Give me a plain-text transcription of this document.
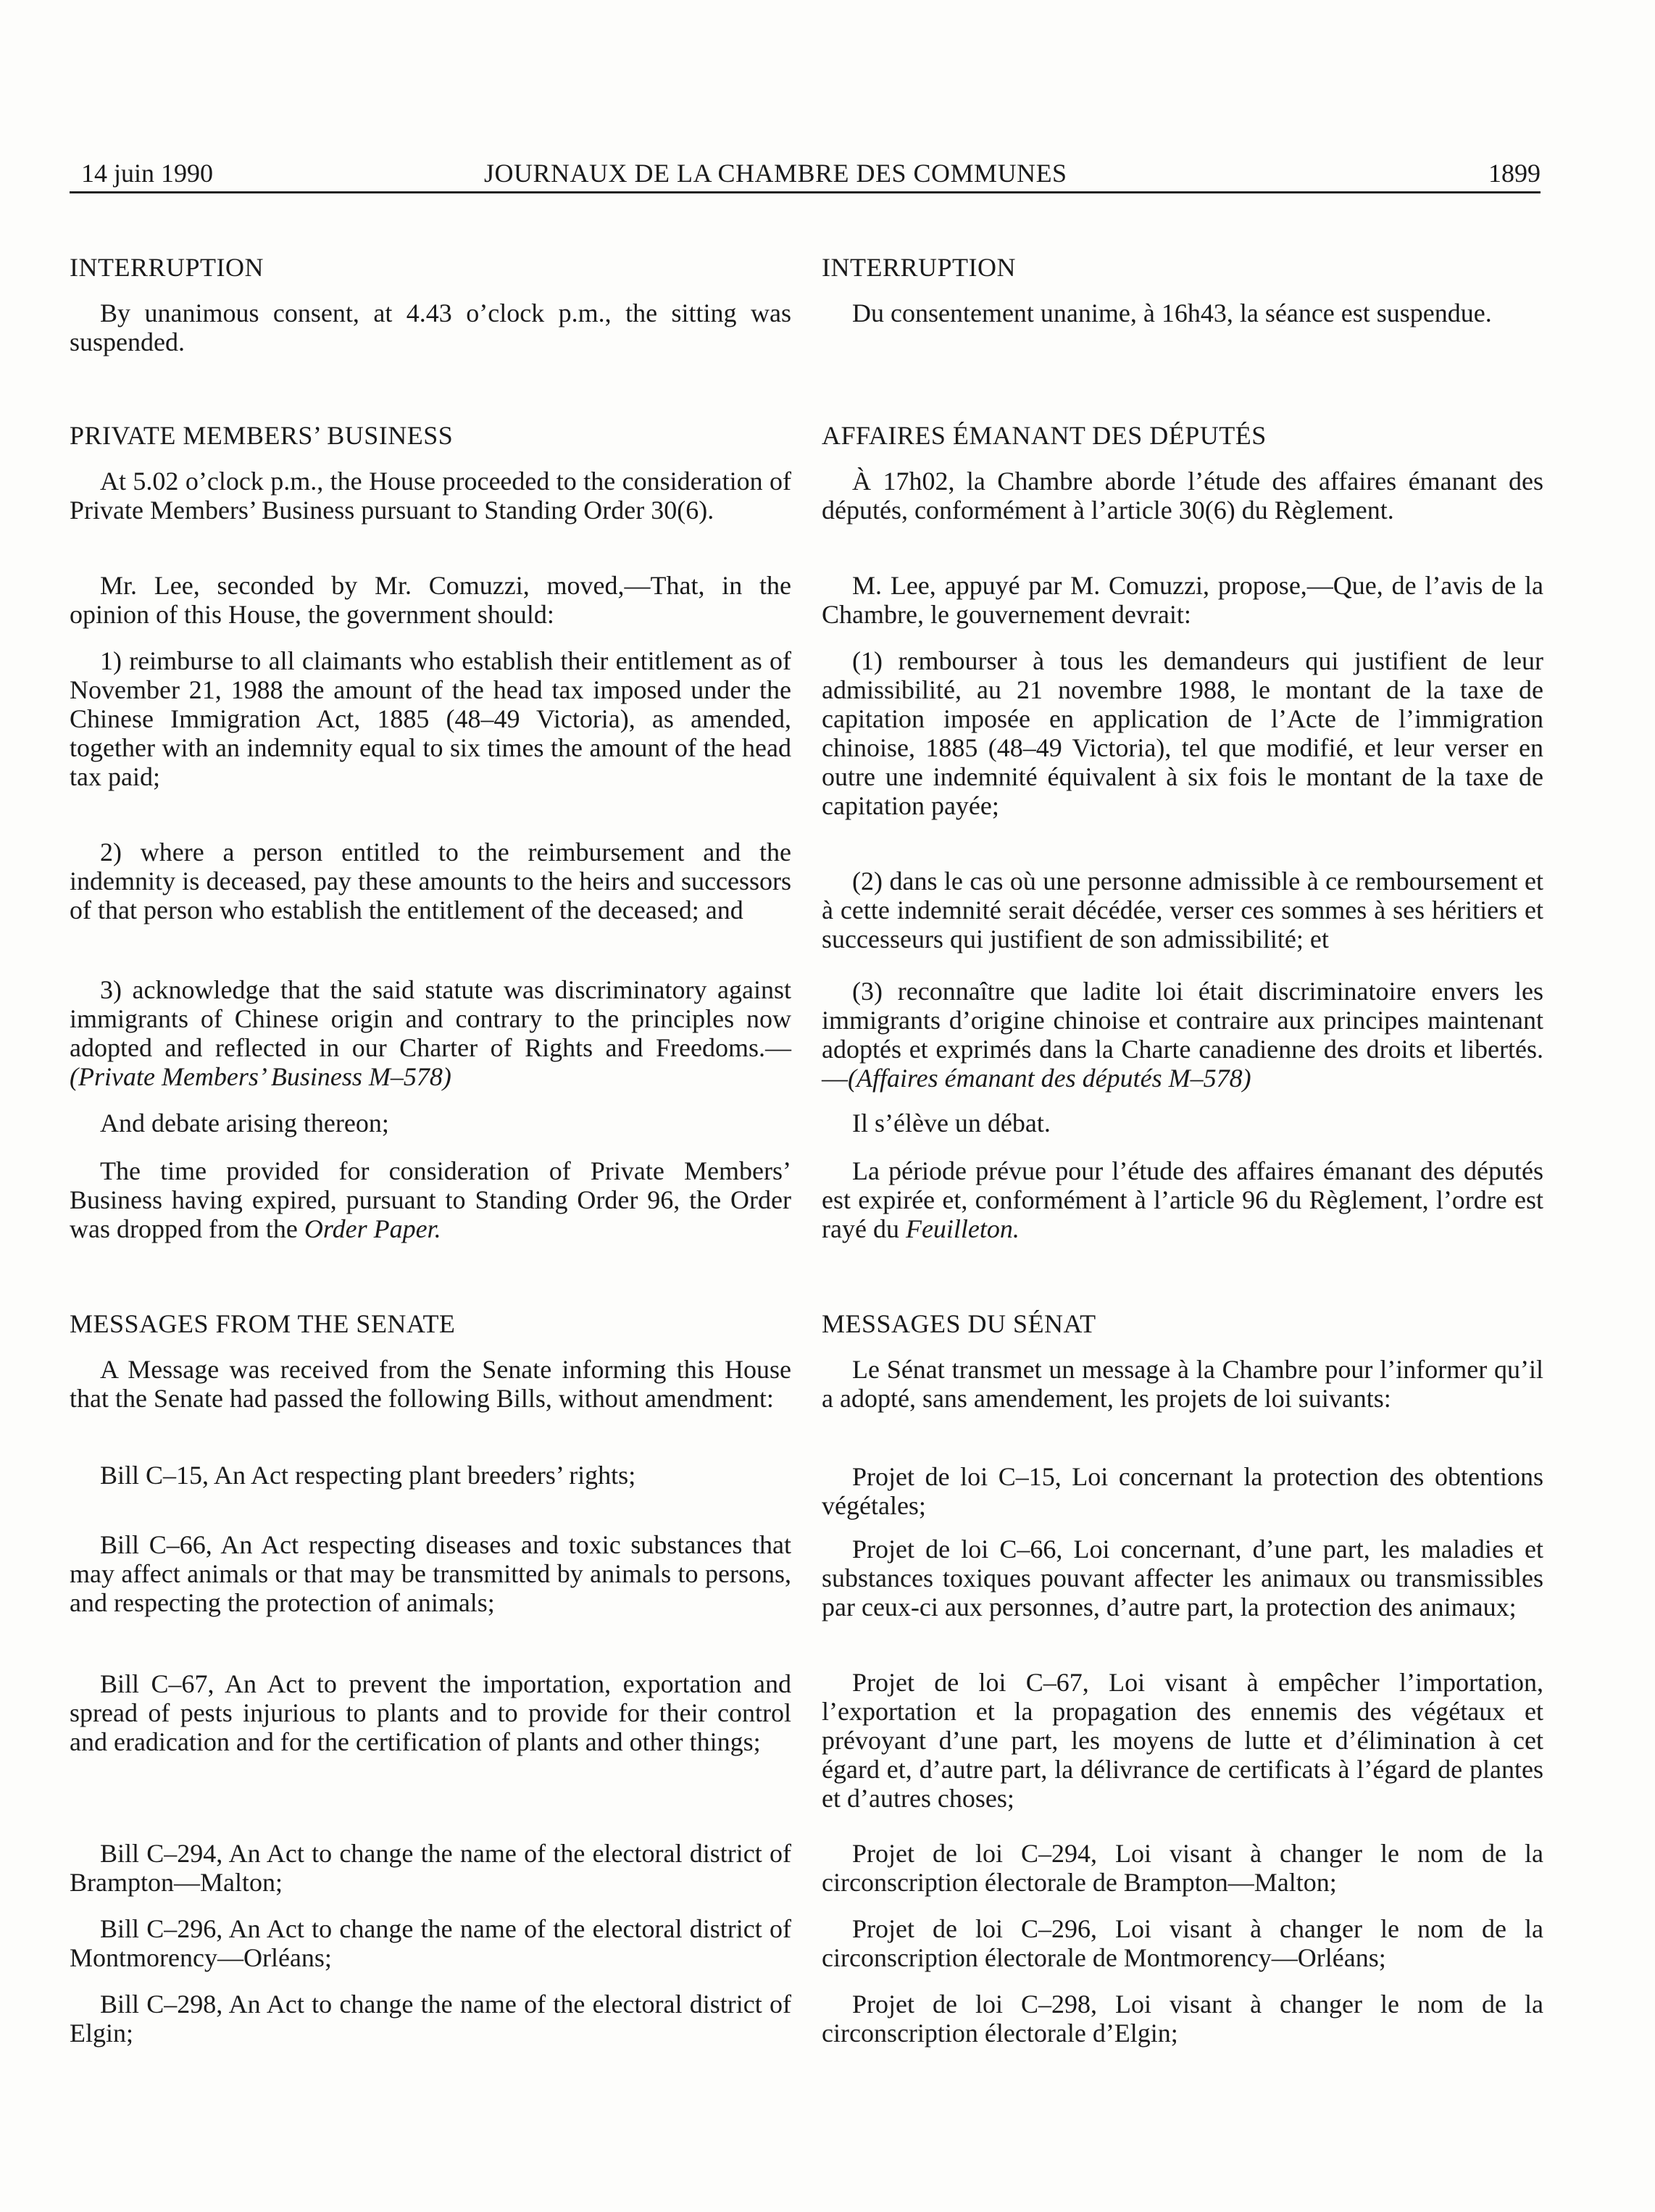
14 juin 1990	JOURNAUX DE LA CHAMBRE DES COMMUNES	1899
INTERRUPTION

By unanimous consent, at 4.43 o’clock p.m., the sitting was suspended.

PRIVATE MEMBERS’ BUSINESS

At 5.02 o’clock p.m., the House proceeded to the consideration of Private Members’ Business pursuant to Standing Order 30(6).

Mr. Lee, seconded by Mr. Comuzzi, moved,—That, in the opinion of this House, the government should:

1) reimburse to all claimants who establish their entitlement as of November 21, 1988 the amount of the head tax imposed under the Chinese Immigration Act, 1885 (48–49 Victoria), as amended, together with an indemnity equal to six times the amount of the head tax paid;

2) where a person entitled to the reimbursement and the indemnity is deceased, pay these amounts to the heirs and successors of that person who establish the entitlement of the deceased; and

3) acknowledge that the said statute was discriminatory against immigrants of Chinese origin and contrary to the principles now adopted and reflected in our Charter of Rights and Freedoms.—(Private Members’ Business M–578)

And debate arising thereon;

The time provided for consideration of Private Members’ Business having expired, pursuant to Standing Order 96, the Order was dropped from the Order Paper.

MESSAGES FROM THE SENATE

A Message was received from the Senate informing this House that the Senate had passed the following Bills, without amendment:

Bill C–15, An Act respecting plant breeders’ rights;

Bill C–66, An Act respecting diseases and toxic substances that may affect animals or that may be transmitted by animals to persons, and respecting the protection of animals;

Bill C–67, An Act to prevent the importation, exportation and spread of pests injurious to plants and to provide for their control and eradication and for the certification of plants and other things;

Bill C–294, An Act to change the name of the electoral district of Brampton—Malton;

Bill C–296, An Act to change the name of the electoral district of Montmorency—Orléans;

Bill C–298, An Act to change the name of the electoral district of Elgin;

INTERRUPTION

Du consentement unanime, à 16h43, la séance est suspendue.

AFFAIRES ÉMANANT DES DÉPUTÉS

À 17h02, la Chambre aborde l’étude des affaires émanant des députés, conformément à l’article 30(6) du Règlement.

M. Lee, appuyé par M. Comuzzi, propose,—Que, de l’avis de la Chambre, le gouvernement devrait:

(1) rembourser à tous les demandeurs qui justifient de leur admissibilité, au 21 novembre 1988, le montant de la taxe de capitation imposée en application de l’Acte de l’immigration chinoise, 1885 (48–49 Victoria), tel que modifié, et leur verser en outre une indemnité équivalent à six fois le montant de la taxe de capitation payée;

(2) dans le cas où une personne admissible à ce remboursement et à cette indemnité serait décédée, verser ces sommes à ses héritiers et successeurs qui justifient de son admissibilité; et

(3) reconnaître que ladite loi était discriminatoire envers les immigrants d’origine chinoise et contraire aux principes maintenant adoptés et exprimés dans la Charte canadienne des droits et libertés.—(Affaires émanant des députés M–578)

Il s’élève un débat.

La période prévue pour l’étude des affaires émanant des députés est expirée et, conformément à l’article 96 du Règlement, l’ordre est rayé du Feuilleton.

MESSAGES DU SÉNAT

Le Sénat transmet un message à la Chambre pour l’informer qu’il a adopté, sans amendement, les projets de loi suivants:

Projet de loi C–15, Loi concernant la protection des obtentions végétales;

Projet de loi C–66, Loi concernant, d’une part, les maladies et substances toxiques pouvant affecter les animaux ou transmissibles par ceux-ci aux personnes, d’autre part, la protection des animaux;

Projet de loi C–67, Loi visant à empêcher l’importation, l’exportation et la propagation des ennemis des végétaux et prévoyant d’une part, les moyens de lutte et d’élimination à cet égard et, d’autre part, la délivrance de certificats à l’égard de plantes et d’autres choses;

Projet de loi C–294, Loi visant à changer le nom de la circonscription électorale de Brampton—Malton;

Projet de loi C–296, Loi visant à changer le nom de la circonscription électorale de Montmorency—Orléans;

Projet de loi C–298, Loi visant à changer le nom de la circonscription électorale d’Elgin;
